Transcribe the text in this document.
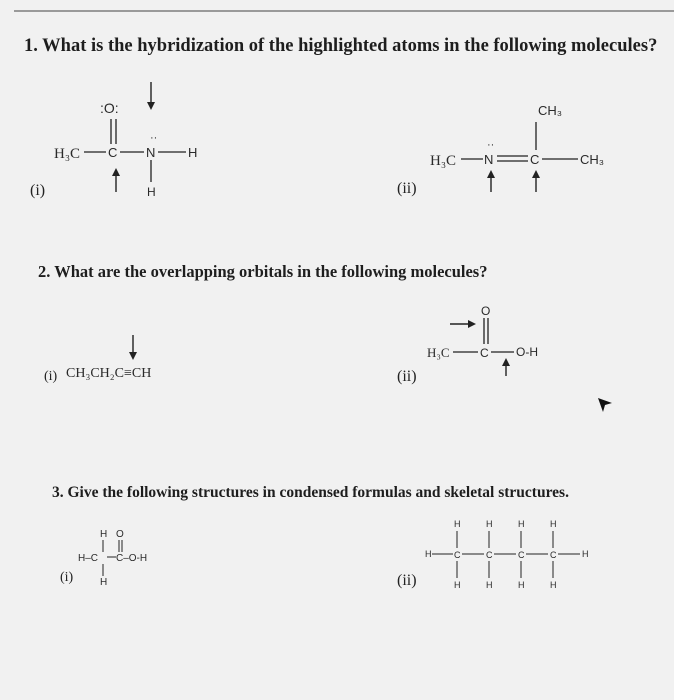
1. What is the hybridization of the highlighted atoms in the following molecules?
2. What are the overlapping orbitals in the following molecules?
3. Give the following structures in condensed formulas and skeletal structures.
(i)	(ii)
(i)	(ii)
(i)	(ii)
H₃C C N
··
H
:O:
H
H₃C N
··
C	CH₃
CH₃
CH₃CH₂C≡CH
H₃C	C O-H
O
H O
H–C C–O-H
H
H
H
C
H
H
C
H
H
C
H
H
C
H
H
